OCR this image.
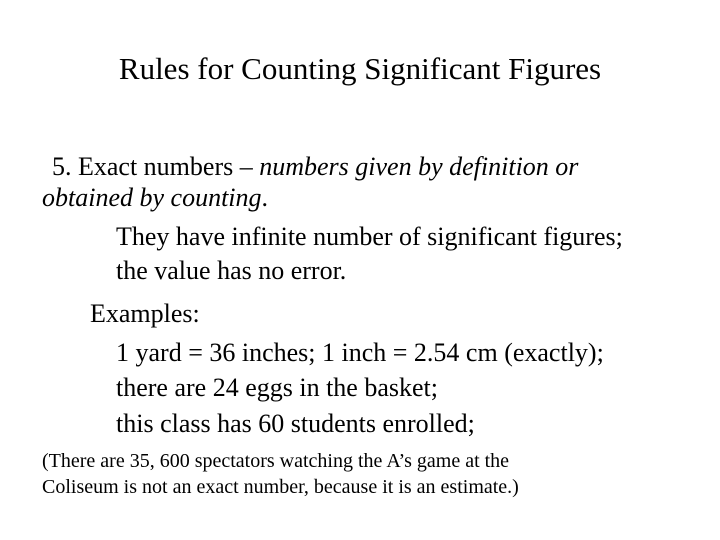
Rules for Counting Significant Figures
5. Exact numbers – numbers given by definition or
obtained by counting.
They have infinite number of significant figures;
the value has no error.
Examples:
1 yard = 36 inches; 1 inch = 2.54 cm (exactly);
there are 24 eggs in the basket;
this class has 60 students enrolled;
(There are 35, 600 spectators watching the A’s game at the
Coliseum is not an exact number, because it is an estimate.)
